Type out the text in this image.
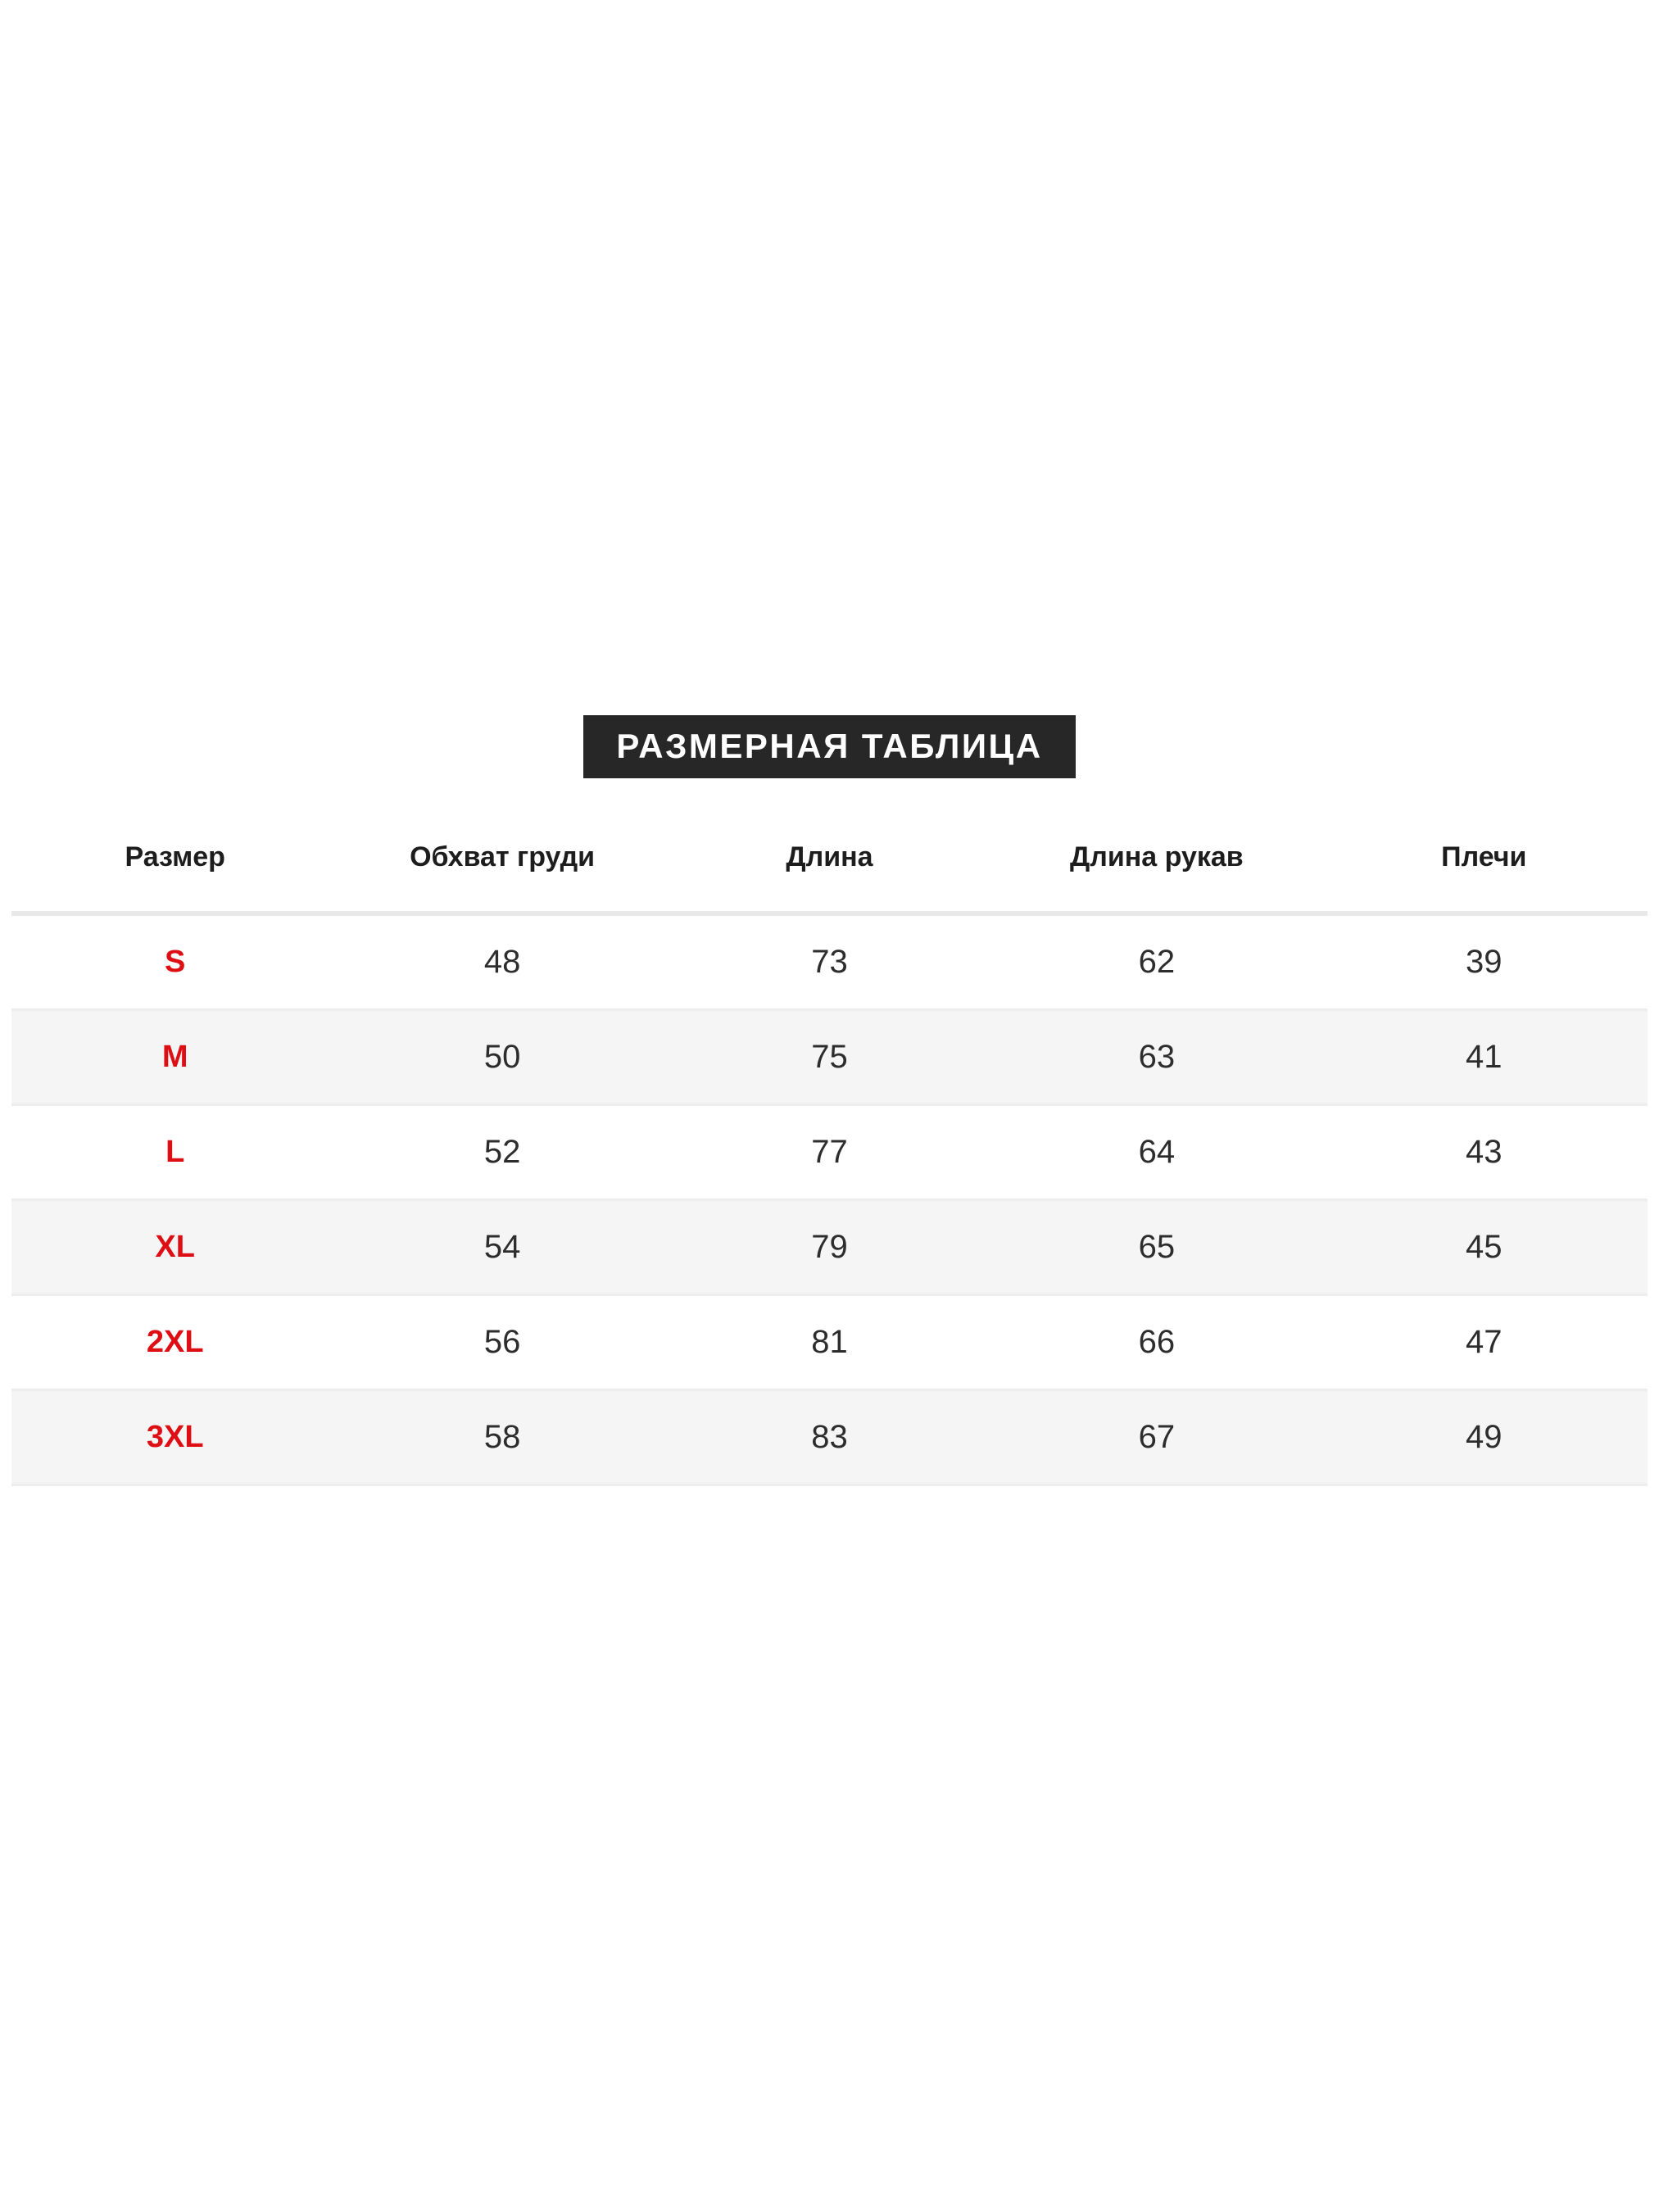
РАЗМЕРНАЯ ТАБЛИЦА
Размер	Обхват груди	Длина	Длина рукав	Плечи
S	48	73	62	39
M	50	75	63	41
L	52	77	64	43
XL	54	79	65	45
2XL	56	81	66	47
3XL	58	83	67	49
